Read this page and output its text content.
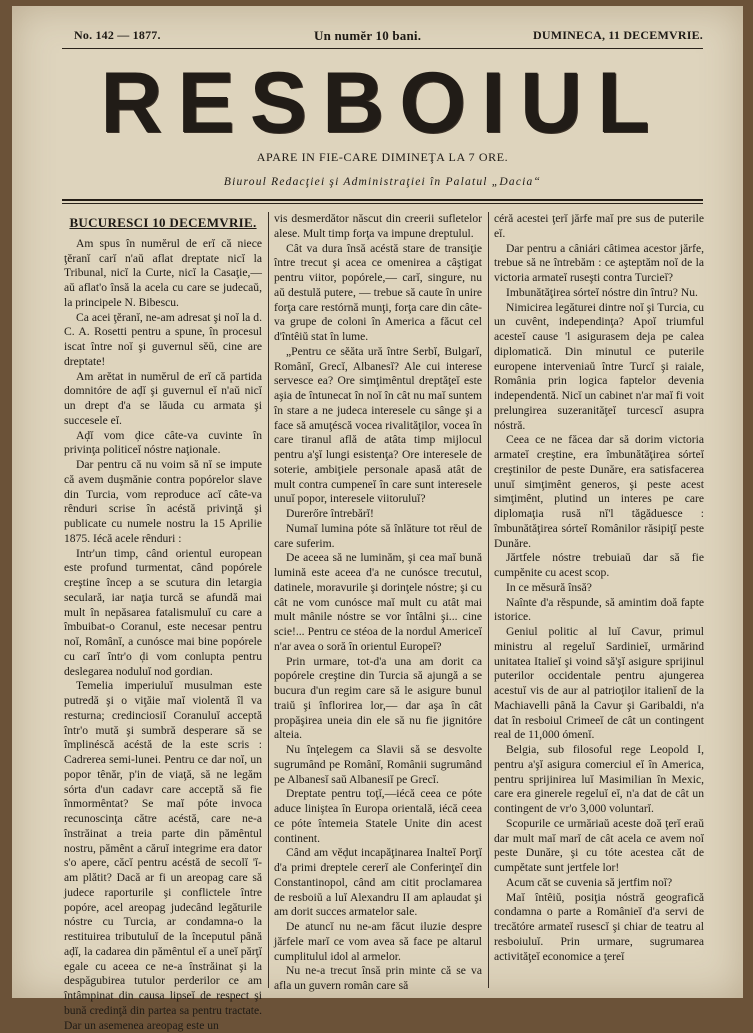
No. 142 — 1877.	Un numĕr 10 bani.	DUMINECA, 11 DECEMVRIE.
RESBOIUL
APARE IN FIE-CARE DIMINEŢA LA 7 ORE.
Biuroul Redacţiei şi Administraţiei în Palatul „Dacia“
BUCURESCI 10 DECEMVRIE.

Am spus în numĕrul de erĭ că niece ţĕranĭ carĭ n'aŭ aflat dreptate nicĭ la Tribunal, nicĭ la Curte, nicĭ la Casaţie,— aŭ aflat'o însă la acela cu care se judecaŭ, la principele N. Bibescu.

Ca acei ţĕranĭ, ne-am adresat şi noĭ la d. C. A. Rosetti pentru a spune, în procesul iscat între noĭ şi guvernul sĕŭ, cine are dreptate!

Am arĕtat in numĕrul de erĭ că partida domnitóre de aḑĭ şi guvernul eĭ n'aŭ nicĭ un drept d'a se lăuda cu armata şi succesele eĭ.

Aḑĭ vom ḑice câte-va cuvinte în privinţa politiceĭ nóstre naţionale.

Dar pentru că nu voim să nĭ se impute că avem duşmănie contra popórelor slave din Turcia, vom reproduce acĭ câte-va rênduri scrise în acéstă privinţă şi publicate cu numele nostru la 15 Aprilie 1875. Iécă acele rênduri :

Intr'un timp, când orientul european este profund turmentat, când popórele creştine încep a se scutura din letargia seculară, iar naţia turcă se afundă mai mult în nepăsarea fatalismuluĭ cu care a îmbuibat-o Coranul, este necesar pentru noĭ, Românĭ, a cunósce mai bine popórele cu carĭ într'o ḑi vom conlupta pentru deslegarea noduluĭ nod gordian.

Temelia imperiuluĭ musulman este putredă şi o viţăie maĭ violentă îl va resturna; credinciosiĭ Coranuluĭ acceptă într'o mută şi sumbră desperare să se împlinéscă acéstă de la este scris : Cadrerea semi-lunei. Pentru ce dar noĭ, un popor tênăr, p'in de viaţă, să ne legăm sórta d'un cadavr care acceptă să fie înmormêntat? Se maĭ póte invoca recunoscinţa către acéstă, care ne-a înstrăinat a treia parte din pămêntul nostru, pămênt a căruĭ integrime era dator s'o apere, căcĭ pentru acéstă de secolĭ 'ĭ-am plătit? Dacă ar fi un areopag care să judece raporturile şi conflictele între popóre, acel areopag judecând legăturile nóstre cu Turcia, ar condamna-o la restituirea tributuluĭ de la începutul până aḑĭ, la cadarea din pămêntul eĭ a uneĭ părţĭ egale cu aceea ce ne-a înstrăinat şi la despăgubirea tutulor perderilor ce am întâmpinat din causa lipseĭ de respect şi bună credinţă din partea sa pentru tractate. Dar un asemenea areopag este un

vis desmerdător născut din creerii sufletelor alese. Mult timp forţa va impune dreptulul.

Cât va dura însă acéstă stare de transiţie între trecut şi acea ce omenirea a câştigat pentru viitor, popórele,— carĭ, singure, nu aŭ destulă putere, — trebue să caute în unire forţa care restórnă munţi, forţa care din câte-va grupe de coloni în America a făcut cel d'întêiŭ stat în lume.

„Pentru ce sĕăta ură între Serbĭ, Bulgarĭ, Românĭ, Grecĭ, Albanesĭ? Ale cui interese servesce ea? Ore simţimêntul dreptăţeĭ este aşia de întunecat în noĭ în cât nu maĭ suntem în stare a ne judeca interesele cu sânge şi a face să amuţéscă vocea rivalităţilor, vocea în care tiranul află de atâta timp mijlocul pentru a'şĭ lungi esistenţa? Ore interesele de soterie, ambiţiele personale apasă atât de mult contra cumpeneĭ în care sunt interesele unuĭ popor, interesele viitoruluĭ?

Durerőre întrebărĭ!

Numaĭ lumina póte să înlăture tot rĕul de care suferim.

De aceea să ne luminăm, şi cea maĭ bună lumină este aceea d'a ne cunósce trecutul, datinele, moravurile şi dorinţele nóstre; şi cu cât ne vom cunósce maĭ mult cu atât mai mult mânile nóstre se vor întâlni şi... cine scie!... Pentru ce stéoa de la nordul Americeĭ n'ar avea o soră în orientul Europeĭ?

Prin urmare, tot-d'a una am dorit ca popórele creştine din Turcia să ajungă a se bucura d'un regim care să le asigure bunul traiŭ şi înflorirea lor,— dar aşa în cât propăşirea uneia din ele să nu fie jignitóre alteia.

Nu înţelegem ca Slavii să se desvolte sugrumând pe Românĭ, Românii sugrumând pe Albanesĭ saŭ Albanesiĭ pe Grecĭ.

Dreptate pentru toţĭ,—iécă ceea ce póte aduce liniştea în Europa orientală, iécă ceea ce póte întemeia Statele Unite din acest continent.

Când am vĕḑut incapăţinarea Inalteĭ Porţĭ d'a primi dreptele cererĭ ale Conferinţeĭ din Constantinopol, când am citit proclamarea de resboiŭ a luĭ Alexandru II am aplaudat şi am dorit succes armatelor sale.

De atuncĭ nu ne-am făcut iluzie despre jărfele marĭ ce vom avea să face pe altarul cumplitulul idol al armelor.

Nu ne-a trecut însă prin minte că se va afla un guvern român care să

céră acestei ţerĭ jărfe maĭ pre sus de puterile eĭ.

Dar pentru a câniári câtimea acestor jărfe, trebue să ne întrebăm : ce aşteptăm noĭ de la victoria armateĭ ruseşti contra Turcieĭ?

Imbunătăţirea sórteĭ nóstre din întru? Nu.

Nimicirea legăturei dintre noĭ şi Turcia, cu un cuvênt, independinţa? Apoĭ triumful acesteĭ cause 'l asigurasem deja pe calea diplomatică. Din minutul ce puterile europene interveniaŭ între Turcĭ şi raiale, România prin logica faptelor devenia independentă. Nicĭ un cabinet n'ar maĭ fi voit prelungirea suzeranităţeĭ turcescĭ asupra nóstră.

Ceea ce ne făcea dar să dorim victoria armateĭ creştine, era îmbunătăţirea sórteĭ creştinilor de peste Dunăre, era satisfacerea unuĭ simţimênt generos, şi peste acest simţimênt, plutind un interes pe care diplomaţia rusă nĭ'l tăgăduesce : îmbunătăţirea sórteĭ Românilor răsipiţĭ peste Dunăre.

Jărtfele nóstre trebuiaŭ dar să fie cumpĕnite cu acest scop.

In ce mĕsură însă?

Naînte d'a rĕspunde, să amintim doă fapte istorice.

Geniul politic al luĭ Cavur, primul ministru al regeluĭ Sardinieĭ, urmărind unitatea Italieĭ şi voind să'şĭ asigure sprijinul puterilor occidentale pentru ajungerea acestuĭ vis de aur al patrioţilor italienĭ de la Machiavelli până la Cavur şi Garibaldi, n'a dat în resboiul Crimeeĭ de cât un contingent real de 11,000 ómenĭ.

Belgia, sub filosoful rege Leopold I, pentru a'şĭ asigura comerciul eĭ în America, pentru sprijinirea luĭ Masimilian în Mexic, care era ginerele regeluĭ eĭ, n'a dat de cât un contingent de vr'o 3,000 voluntarĭ.

Scopurile ce urmăriaŭ aceste doă ţerĭ eraŭ dar mult maĭ marĭ de cât acela ce avem noĭ peste Dunăre, şi cu tóte acestea căt de cumpĕtate sunt jertfele lor!

Acum căt se cuvenia să jertfim noĭ?

Maĭ întêiŭ, posiţia nóstră geografică condamna o parte a Românieĭ d'a servi de trecătóre armateĭ rusescĭ şi chiar de teatru al resboiuluĭ. Prin urmare, sugrumarea activităţeĭ economice a ţereĭ
